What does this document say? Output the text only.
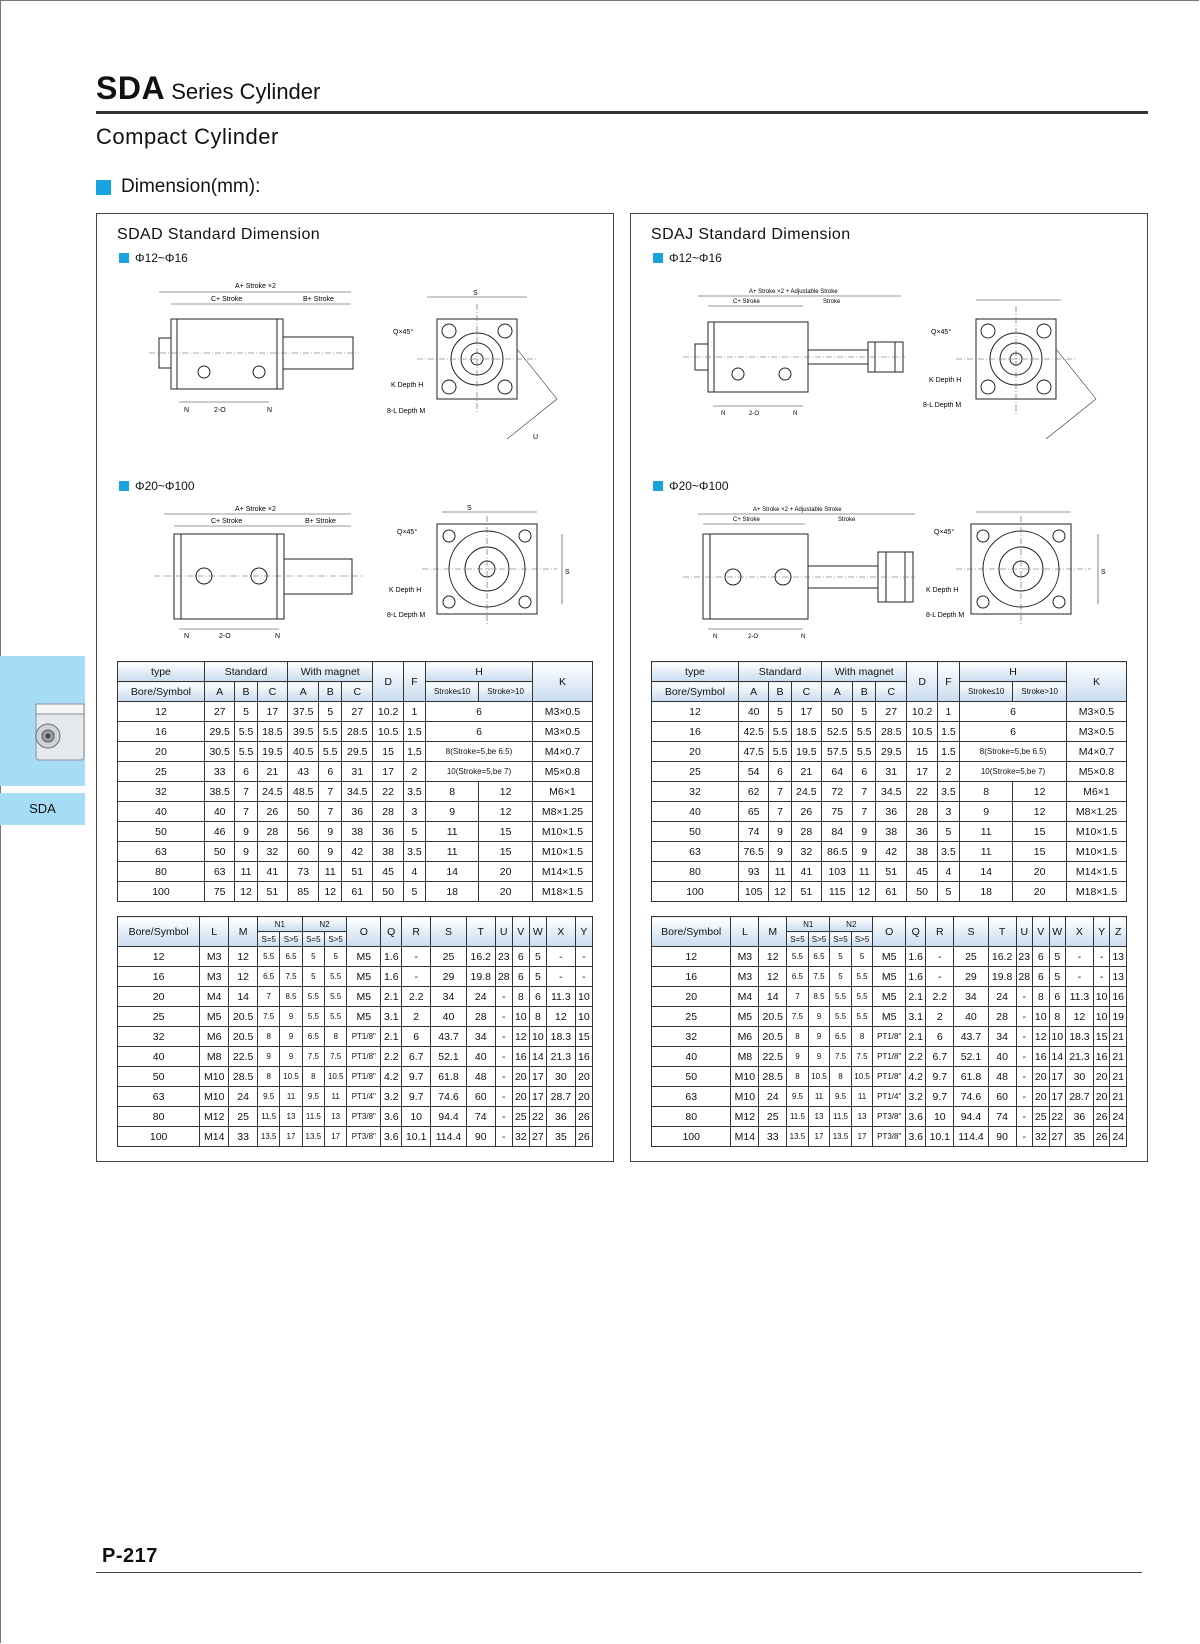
SDA Series Cylinder
Compact Cylinder
Dimension(mm):
SDA
SDAD Standard Dimension
Φ12~Φ16
A+ Stroke ×2
C+ Stroke	B+ Stroke
N	2-O	N
S
Q×45°
K Depth H
8-L Depth M
U
Φ20~Φ100
A+ Stroke ×2
C+ Stroke	B+ Stroke
N	2-O	N
S
S
Q×45°
K Depth H
8-L Depth M
type	Standard			With magnet			D	F	H		K
Bore/Symbol	A	B	C	A	B	C			Stroke≤10	Stroke>10	
12	27	5	17	37.5	5	27	10.2	1	6		M3×0.5
16	29.5	5.5	18.5	39.5	5.5	28.5	10.5	1.5	6		M3×0.5
20	30.5	5.5	19.5	40.5	5.5	29.5	15	1.5	8(Stroke=5,be 6.5)		M4×0.7
25	33	6	21	43	6	31	17	2	10(Stroke=5,be 7)		M5×0.8
32	38.5	7	24.5	48.5	7	34.5	22	3.5	8	12	M6×1
40	40	7	26	50	7	36	28	3	9	12	M8×1.25
50	46	9	28	56	9	38	36	5	11	15	M10×1.5
63	50	9	32	60	9	42	38	3.5	11	15	M10×1.5
80	63	11	41	73	11	51	45	4	14	20	M14×1.5
100	75	12	51	85	12	61	50	5	18	20	M18×1.5
Bore/Symbol	L	M	N1		N2		O	Q	R	S	T	U	V	W	X	Y
			S=5	S>5	S=5	S>5										
12	M3	12	5.5	6.5	5	5	M5	1.6	-	25	16.2	23	6	5	-	-
16	M3	12	6.5	7.5	5	5.5	M5	1.6	-	29	19.8	28	6	5	-	-
20	M4	14	7	8.5	5.5	5.5	M5	2.1	2.2	34	24	-	8	6	11.3	10
25	M5	20.5	7.5	9	5.5	5.5	M5	3.1	2	40	28	-	10	8	12	10
32	M6	20.5	8	9	6.5	8	PT1/8"	2.1	6	43.7	34	-	12	10	18.3	15
40	M8	22.5	9	9	7.5	7.5	PT1/8"	2.2	6.7	52.1	40	-	16	14	21.3	16
50	M10	28.5	8	10.5	8	10.5	PT1/8"	4.2	9.7	61.8	48	-	20	17	30	20
63	M10	24	9.5	11	9.5	11	PT1/4"	3.2	9.7	74.6	60	-	20	17	28.7	20
80	M12	25	11.5	13	11.5	13	PT3/8"	3.6	10	94.4	74	-	25	22	36	26
100	M14	33	13.5	17	13.5	17	PT3/8"	3.6	10.1	114.4	90	-	32	27	35	26
SDAJ Standard Dimension
Φ12~Φ16
A+ Stroke ×2 + Adjustable Stroke
C+ Stroke	Stroke
N	2-O	N
Q×45°
K Depth H
8-L Depth M
Φ20~Φ100
A+ Stroke ×2 + Adjustable Stroke
C+ Stroke	Stroke
N	2-O	N
S
Q×45°
K Depth H
8-L Depth M
type	Standard			With magnet			D	F	H		K
Bore/Symbol	A	B	C	A	B	C			Stroke≤10	Stroke>10	
12	40	5	17	50	5	27	10.2	1	6		M3×0.5
16	42.5	5.5	18.5	52.5	5.5	28.5	10.5	1.5	6		M3×0.5
20	47.5	5.5	19.5	57.5	5.5	29.5	15	1.5	8(Stroke=5,be 6.5)		M4×0.7
25	54	6	21	64	6	31	17	2	10(Stroke=5,be 7)		M5×0.8
32	62	7	24.5	72	7	34.5	22	3.5	8	12	M6×1
40	65	7	26	75	7	36	28	3	9	12	M8×1.25
50	74	9	28	84	9	38	36	5	11	15	M10×1.5
63	76.5	9	32	86.5	9	42	38	3.5	11	15	M10×1.5
80	93	11	41	103	11	51	45	4	14	20	M14×1.5
100	105	12	51	115	12	61	50	5	18	20	M18×1.5
Bore/Symbol	L	M	N1		N2		O	Q	R	S	T	U	V	W	X	Y	Z
			S=5	S>5	S=5	S>5											
12	M3	12	5.5	6.5	5	5	M5	1.6	-	25	16.2	23	6	5	-	-	13
16	M3	12	6.5	7.5	5	5.5	M5	1.6	-	29	19.8	28	6	5	-	-	13
20	M4	14	7	8.5	5.5	5.5	M5	2.1	2.2	34	24	-	8	6	11.3	10	16
25	M5	20.5	7.5	9	5.5	5.5	M5	3.1	2	40	28	-	10	8	12	10	19
32	M6	20.5	8	9	6.5	8	PT1/8"	2.1	6	43.7	34	-	12	10	18.3	15	21
40	M8	22.5	9	9	7.5	7.5	PT1/8"	2.2	6.7	52.1	40	-	16	14	21.3	16	21
50	M10	28.5	8	10.5	8	10.5	PT1/8"	4.2	9.7	61.8	48	-	20	17	30	20	21
63	M10	24	9.5	11	9.5	11	PT1/4"	3.2	9.7	74.6	60	-	20	17	28.7	20	21
80	M12	25	11.5	13	11.5	13	PT3/8"	3.6	10	94.4	74	-	25	22	36	26	24
100	M14	33	13.5	17	13.5	17	PT3/8"	3.6	10.1	114.4	90	-	32	27	35	26	24
P-217
